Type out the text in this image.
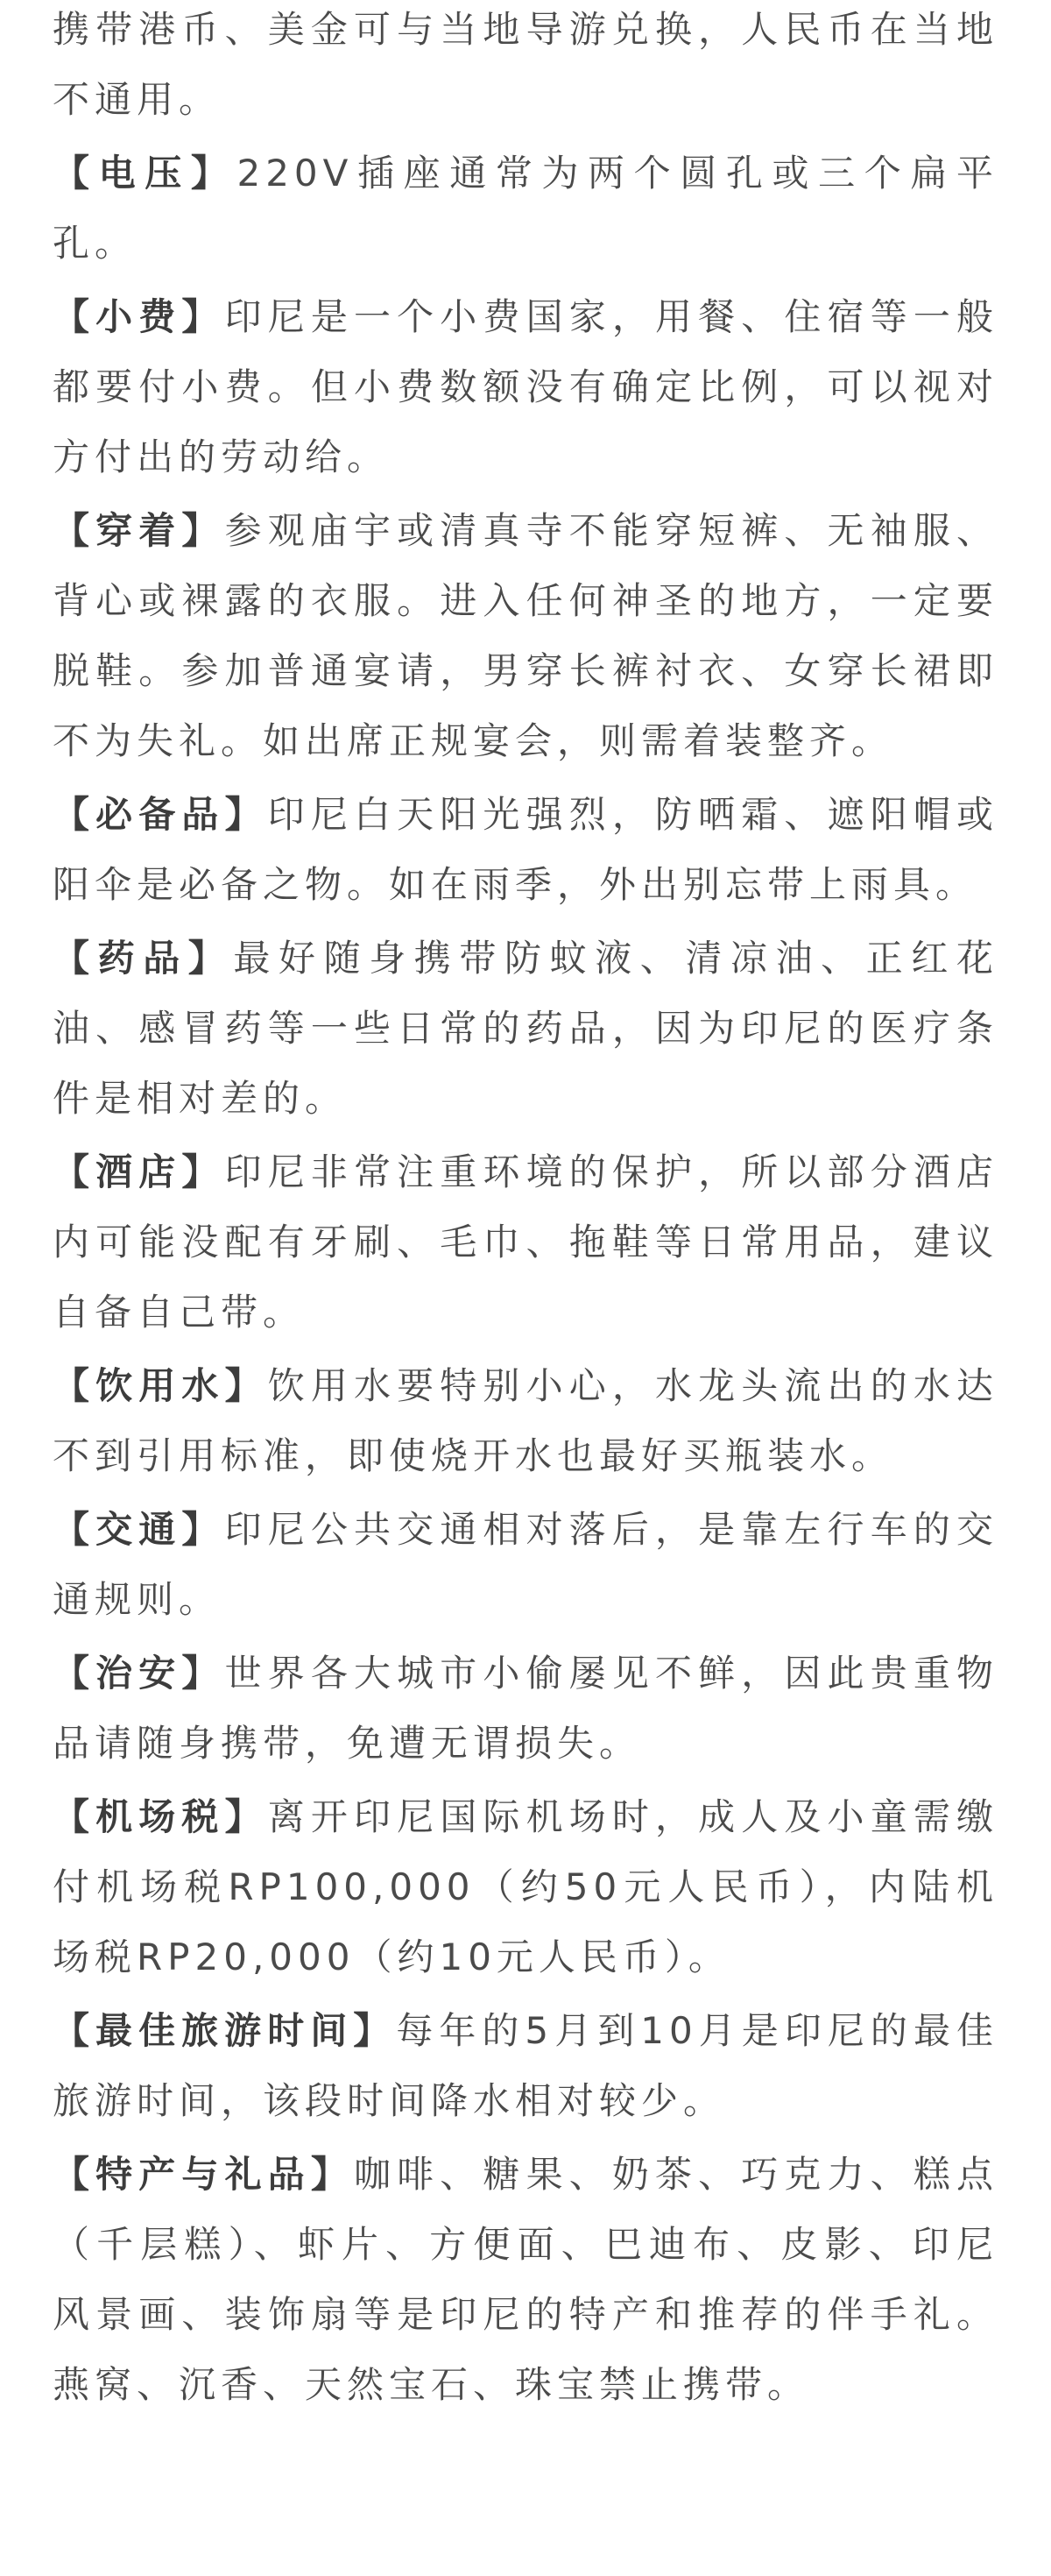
携带港币、美金可与当地导游兑换，人民币在当地不通用。

【电压】220V插座通常为两个圆孔或三个扁平孔。

【小费】印尼是一个小费国家，用餐、住宿等一般都要付小费。但小费数额没有确定比例，可以视对方付出的劳动给。

【穿着】参观庙宇或清真寺不能穿短裤、无袖服、背心或裸露的衣服。进入任何神圣的地方，一定要脱鞋。参加普通宴请，男穿长裤衬衣、女穿长裙即不为失礼。如出席正规宴会，则需着装整齐。

【必备品】印尼白天阳光强烈，防晒霜、遮阳帽或阳伞是必备之物。如在雨季，外出别忘带上雨具。

【药品】最好随身携带防蚊液、清凉油、正红花油、感冒药等一些日常的药品，因为印尼的医疗条件是相对差的。

【酒店】印尼非常注重环境的保护，所以部分酒店内可能没配有牙刷、毛巾、拖鞋等日常用品，建议自备自己带。

【饮用水】饮用水要特别小心，水龙头流出的水达不到引用标准，即使烧开水也最好买瓶装水。

【交通】印尼公共交通相对落后，是靠左行车的交通规则。

【治安】世界各大城市小偷屡见不鲜，因此贵重物品请随身携带，免遭无谓损失。

【机场税】离开印尼国际机场时，成人及小童需缴付机场税RP100,000（约50元人民币），内陆机场税RP20,000（约10元人民币）。

【最佳旅游时间】每年的5月到10月是印尼的最佳旅游时间，该段时间降水相对较少。

【特产与礼品】咖啡、糖果、奶茶、巧克力、糕点（千层糕）、虾片、方便面、巴迪布、皮影、印尼风景画、装饰扇等是印尼的特产和推荐的伴手礼。燕窝、沉香、天然宝石、珠宝禁止携带。
